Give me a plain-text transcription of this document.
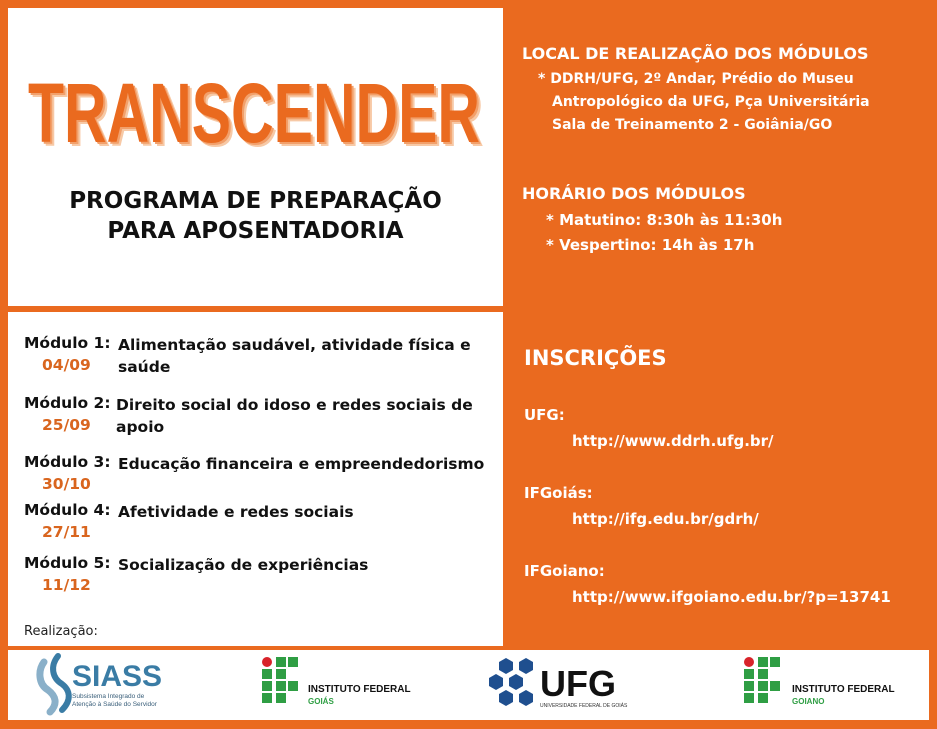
TRANSCENDER
TRANSCENDER
TRANSCENDER
PROGRAMA DE PREPARAÇÃO
PARA APOSENTADORIA
LOCAL DE REALIZAÇÃO DOS MÓDULOS
* DDRH/UFG, 2º Andar, Prédio do Museu
Antropológico da UFG, Pça Universitária
Sala de Treinamento 2 - Goiânia/GO
HORÁRIO DOS MÓDULOS
* Matutino: 8:30h às 11:30h
* Vespertino: 14h às 17h
Módulo 1: Alimentação saudável, atividade física e saúde
04/09
Módulo 2: Direito social do idoso e redes sociais de apoio
25/09
Módulo 3: Educação financeira e empreendedorismo
30/10
Módulo 4: Afetividade e redes sociais
27/11
Módulo 5: Socialização de experiências
11/12
Realização:
INSCRIÇÕES
UFG:
http://www.ddrh.ufg.br/
IFGoiás:
http://ifg.edu.br/gdrh/
IFGoiano:
http://www.ifgoiano.edu.br/?p=13741
SIASS
Subsistema Integrado de
Atenção à Saúde do Servidor
INSTITUTO FEDERAL
GOIÁS	UFG
UNIVERSIDADE FEDERAL DE GOIÁS
INSTITUTO FEDERAL
GOIANO
